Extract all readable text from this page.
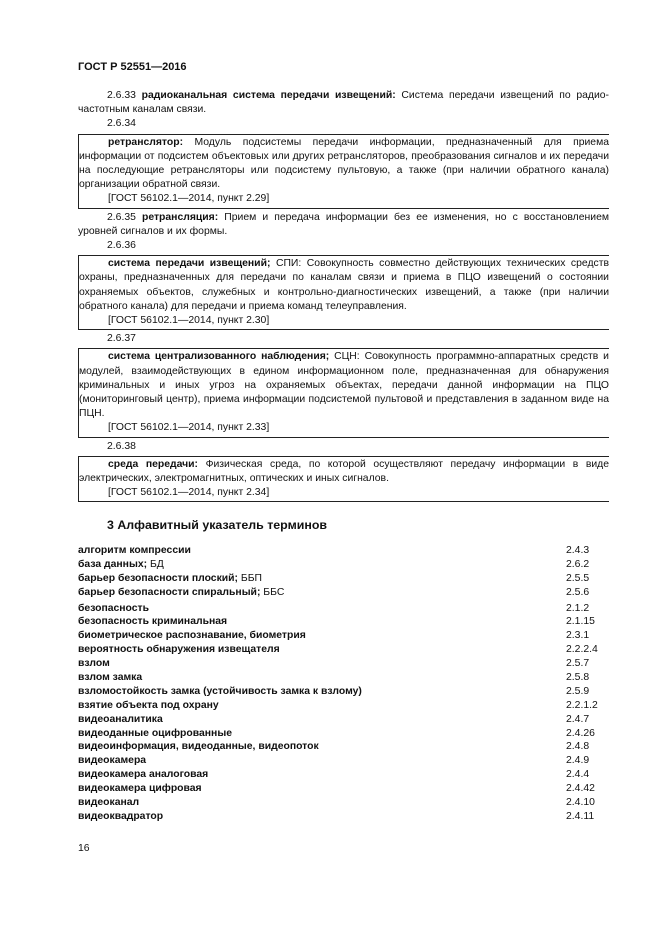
ГОСТ Р 52551—2016

2.6.33 радиоканальная система передачи извещений: Система передачи извещений по радио-частотным каналам связи.

2.6.34

ретранслятор: Модуль подсистемы передачи информации, предназначенный для приема информации от подсистем объектовых или других ретрансляторов, преобразования сигналов и их передачи на последующие ретрансляторы или подсистему пультовую, а также (при наличии обратного канала) организации обратной связи.

[ГОСТ 56102.1—2014, пункт 2.29]

2.6.35 ретрансляция: Прием и передача информации без ее изменения, но с восстановлением уровней сигналов и их формы.

2.6.36

система передачи извещений; СПИ: Совокупность совместно действующих технических средств охраны, предназначенных для передачи по каналам связи и приема в ПЦО извещений о состоянии охраняемых объектов, служебных и контрольно-диагностических извещений, а также (при наличии обратного канала) для передачи и приема команд телеуправления.

[ГОСТ 56102.1—2014, пункт 2.30]
2.6.37

система централизованного наблюдения; СЦН: Совокупность программно-аппаратных средств и модулей, взаимодействующих в едином информационном поле, предназначенная для обнаружения криминальных и иных угроз на охраняемых объектах, передачи данной информации на ПЦО (мониторинговый центр), приема информации подсистемой пультовой и представления в заданном виде на ПЦН.

[ГОСТ 56102.1—2014, пункт 2.33]
2.6.38

среда передачи: Физическая среда, по которой осуществляют передачу информации в виде электрических, электромагнитных, оптических и иных сигналов.

[ГОСТ 56102.1—2014, пункт 2.34]
3 Алфавитный указатель терминов
алгоритм компрессии	2.4.3
база данных; БД	2.6.2
барьер безопасности плоский; ББП	2.5.5
барьер безопасности спиральный; ББС	2.5.6
безопасность	2.1.2
безопасность криминальная	2.1.15
биометрическое распознавание, биометрия	2.3.1
вероятность обнаружения извещателя	2.2.2.4
взлом	2.5.7
взлом замка	2.5.8
взломостойкость замка (устойчивость замка к взлому)	2.5.9
взятие объекта под охрану	2.2.1.2
видеоаналитика	2.4.7
видеоданные оцифрованные	2.4.26
видеоинформация, видеоданные, видеопоток	2.4.8
видеокамера	2.4.9
видеокамера аналоговая	2.4.4
видеокамера цифровая	2.4.42
видеоканал	2.4.10
видеоквадратор	2.4.11
16
